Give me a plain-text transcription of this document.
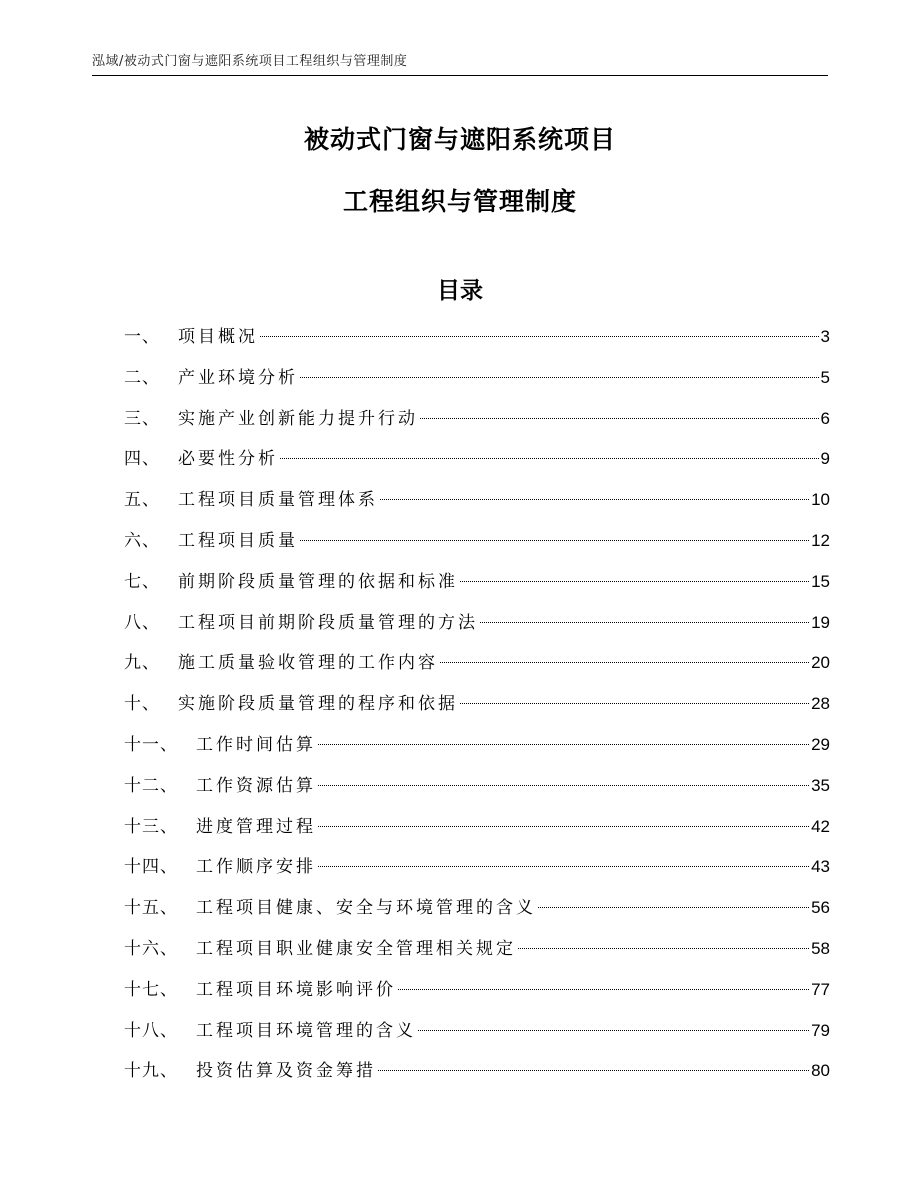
泓域/被动式门窗与遮阳系统项目工程组织与管理制度
被动式门窗与遮阳系统项目
工程组织与管理制度
目录
一、 项目概况	3
二、 产业环境分析	5
三、 实施产业创新能力提升行动	6
四、 必要性分析	9
五、 工程项目质量管理体系	10
六、 工程项目质量	12
七、 前期阶段质量管理的依据和标准	15
八、 工程项目前期阶段质量管理的方法	19
九、 施工质量验收管理的工作内容	20
十、 实施阶段质量管理的程序和依据	28
十一、 工作时间估算	29
十二、 工作资源估算	35
十三、 进度管理过程	42
十四、 工作顺序安排	43
十五、 工程项目健康、安全与环境管理的含义	56
十六、 工程项目职业健康安全管理相关规定	58
十七、 工程项目环境影响评价	77
十八、 工程项目环境管理的含义	79
十九、 投资估算及资金筹措	80
